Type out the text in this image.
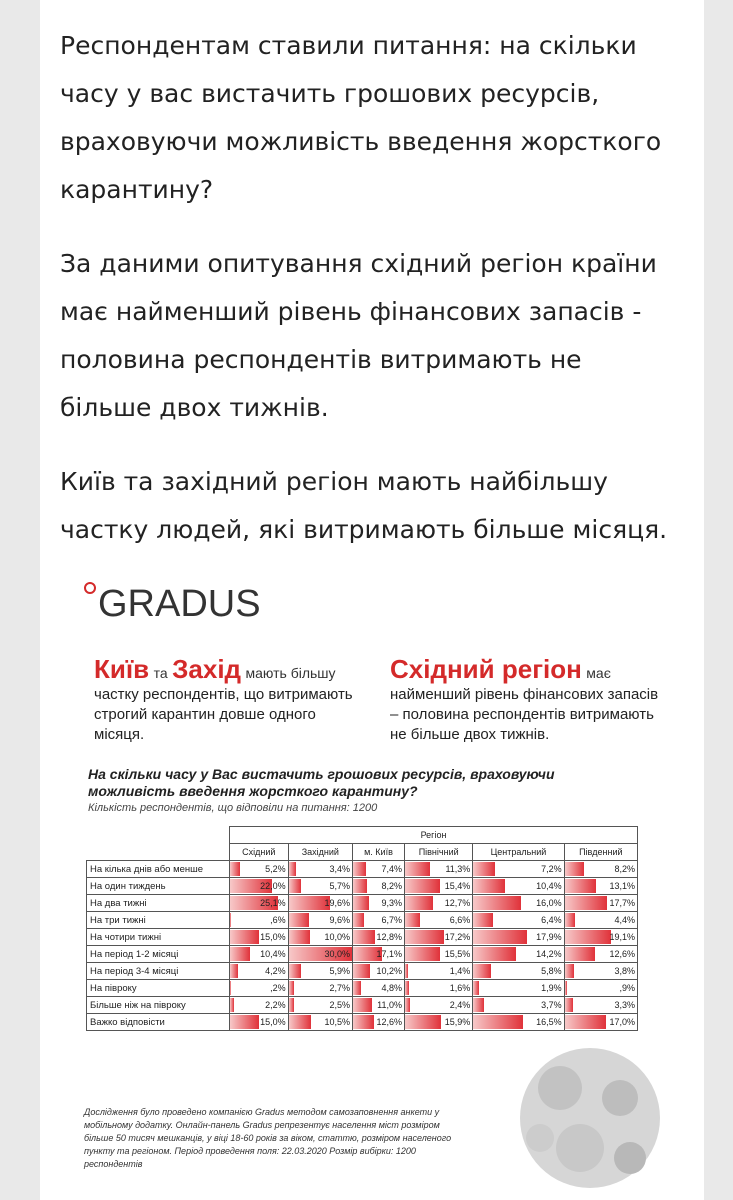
Респондентам ставили питання: на скільки часу у вас вистачить грошових ресурсів, враховуючи можливість введення жорсткого карантину?

За даними опитування східний регіон країни має найменший рівень фінансових запасів - половина респондентів витримають не більше двох тижнів.

Київ та західний регіон мають найбільшу частку людей, які витримають більше місяця.

GRADUS
Київ та Захід мають більшу
частку респондентів, що витримають строгий карантин довше одного місяця.
Східний регіон має
найменший рівень фінансових запасів – половина респондентів витримають не більше двох тижнів.
На скільки часу у Вас вистачить грошових ресурсів, враховуючи можливість введення жорсткого карантину?
Кількість респондентів, що відповіли на питання: 1200
	Регіон					
	Східний	Західний	м. Київ	Північний	Центральний	Південний
На кілька днів або менше	5,2%	3,4%	7,4%	11,3%	7,2%	8,2%

На один тиждень	22,0%	5,7%	8,2%	15,4%	10,4%	13,1%

На два тижні	25,1%	19,6%	9,3%	12,7%	16,0%	17,7%

На три тижні	,6%	9,6%	6,7%	6,6%	6,4%	4,4%

На чотири тижні	15,0%	10,0%	12,8%	17,2%	17,9%	19,1%

На період 1-2 місяці	10,4%	30,0%	17,1%	15,5%	14,2%	12,6%

На період 3-4 місяці	4,2%	5,9%	10,2%	1,4%	5,8%	3,8%

На півроку	,2%	2,7%	4,8%	1,6%	1,9%	,9%

Більше ніж на півроку	2,2%	2,5%	11,0%	2,4%	3,7%	3,3%

Важко відповісти	15,0%	10,5%	12,6%	15,9%	16,5%	17,0%
Дослідження було проведено компанією Gradus методом самозаповнення анкети у мобільному додатку. Онлайн-панель Gradus репрезентує населення міст розміром більше 50 тисяч мешканців, у віці 18-60 років за віком, статтю, розміром населеного пункту та регіоном. Період проведення поля: 22.03.2020 Розмір вибірки: 1200 респондентів
